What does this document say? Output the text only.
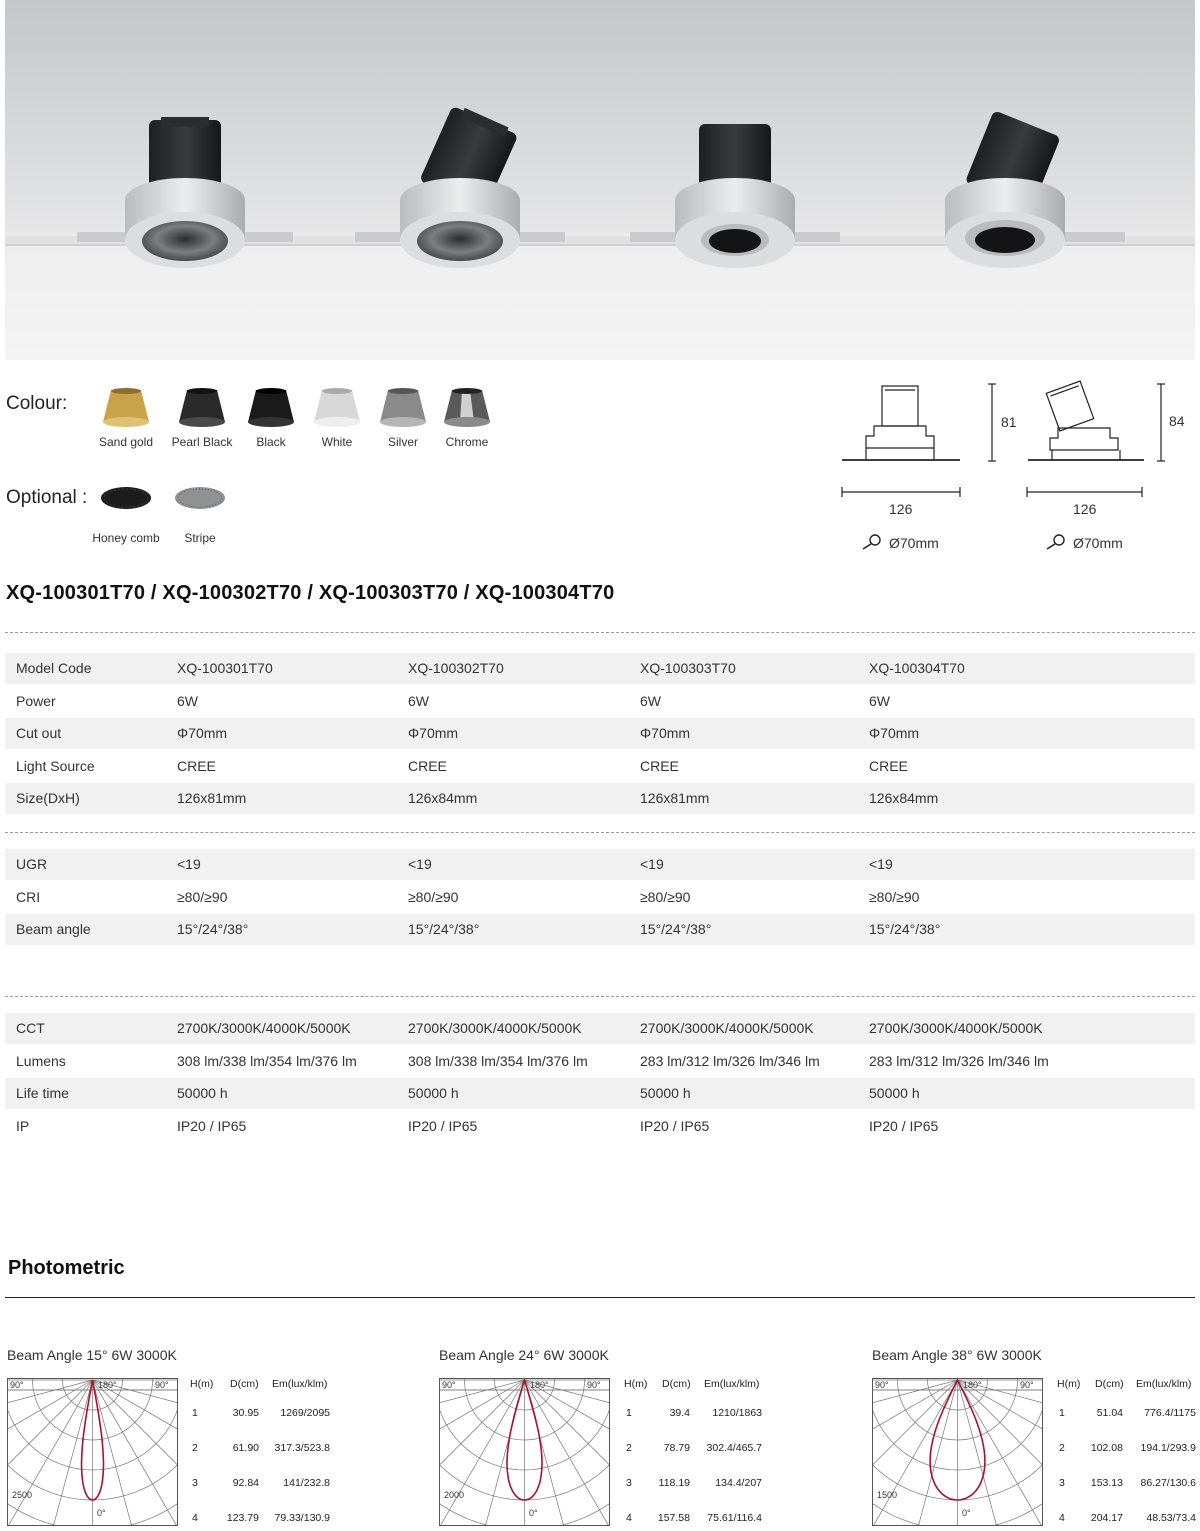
Colour:
Sand gold	Pearl Black	Black	White	Silver	Chrome
Optional :
Honey comb	Stripe
81	84
126	126
Ø70mm	Ø70mm
XQ-100301T70 / XQ-100302T70 / XQ-100303T70 / XQ-100304T70
Model Code	XQ-100301T70	XQ-100302T70	XQ-100303T70	XQ-100304T70
Power	6W	6W	6W	6W
Cut out	Φ70mm	Φ70mm	Φ70mm	Φ70mm
Light Source	CREE	CREE	CREE	CREE
Size(DxH)	126x81mm	126x84mm	126x81mm	126x84mm
UGR	<19	<19	<19	<19
CRI	≥80/≥90	≥80/≥90	≥80/≥90	≥80/≥90
Beam angle	15°/24°/38°	15°/24°/38°	15°/24°/38°	15°/24°/38°
CCT	2700K/3000K/4000K/5000K	2700K/3000K/4000K/5000K	2700K/3000K/4000K/5000K	2700K/3000K/4000K/5000K
Lumens	308 lm/338 lm/354 lm/376 lm	308 lm/338 lm/354 lm/376 lm	283 lm/312 lm/326 lm/346 lm	283 lm/312 lm/326 lm/346 lm
Life time	50000 h	50000 h	50000 h	50000 h
IP	IP20 / IP65	IP20 / IP65	IP20 / IP65	IP20 / IP65
Photometric
Beam Angle 15° 6W 3000K
90°	180°	90°
0°
2500
H(m) D(cm) Em(lux/klm)
1	30.95 1269/2095
2	61.90 317.3/523.8
3	92.84 141/232.8
4	123.79 79.33/130.9
Beam Angle 24° 6W 3000K
90°	180°	90°
0°
2000
H(m) D(cm) Em(lux/klm)
1	39.4 1210/1863
2	78.79 302.4/465.7
3	118.19 134.4/207
4 157.58 75.61/116.4
Beam Angle 38° 6W 3000K
90°	180°	90°
0°
1500
H(m) D(cm) Em(lux/klm)
1	51.04 776.4/1175
2 102.08 194.1/293.9
3 153.13 86.27/130.6
4 204.17 48.53/73.4
